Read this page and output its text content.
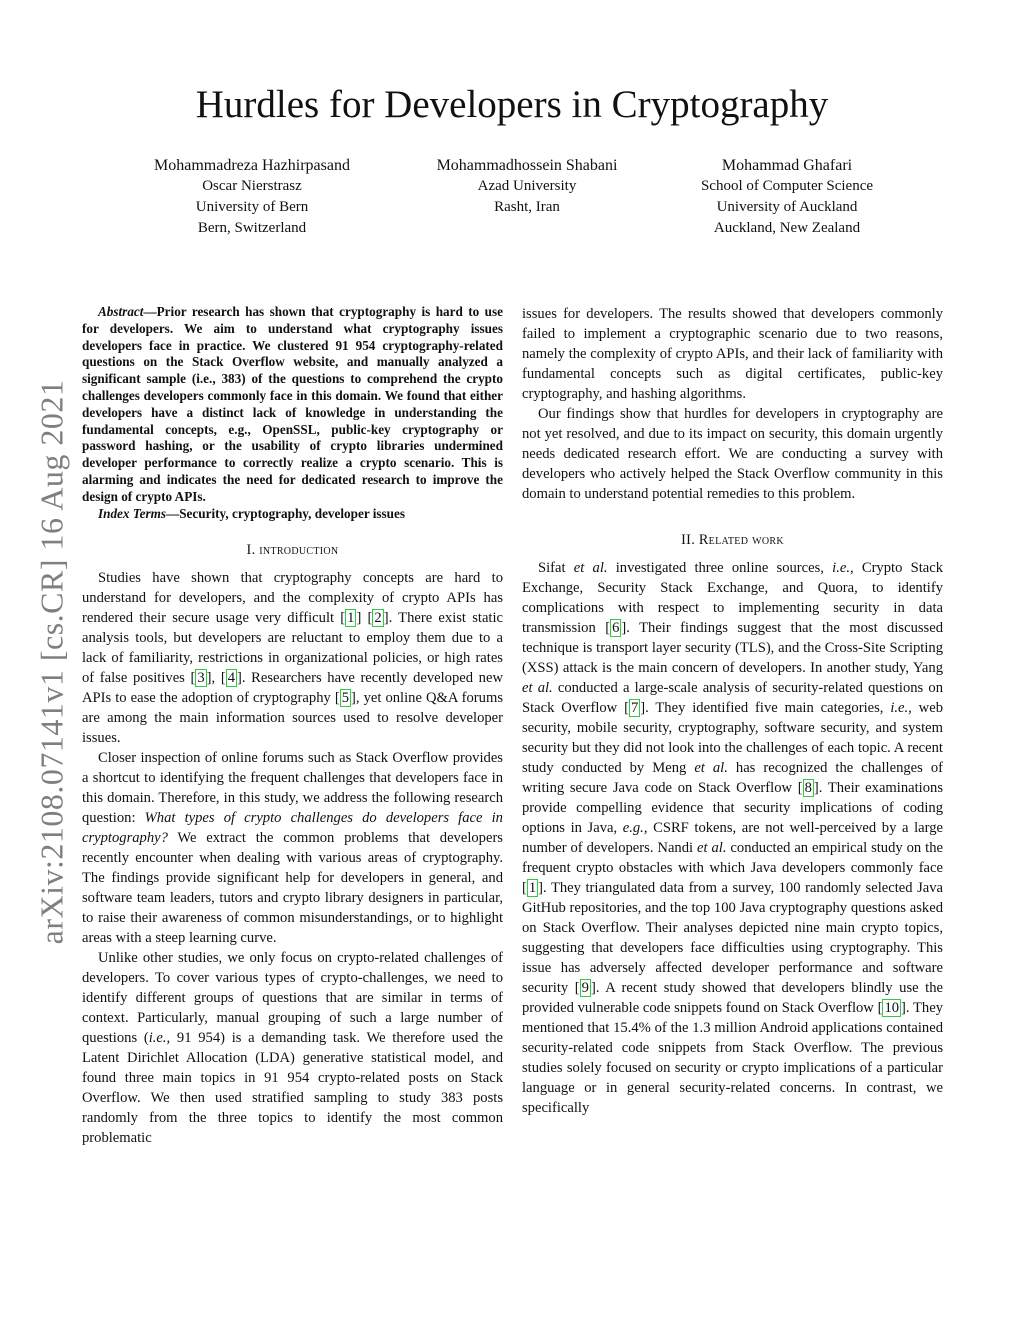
arXiv:2108.07141v1 [cs.CR] 16 Aug 2021
Hurdles for Developers in Cryptography
Mohammadreza Hazhirpasand
Oscar Nierstrasz
University of Bern
Bern, Switzerland
Mohammadhossein Shabani
Azad University
Rasht, Iran
Mohammad Ghafari
School of Computer Science
University of Auckland
Auckland, New Zealand

Abstract—Prior research has shown that cryptography is hard to use for developers. We aim to understand what cryptography issues developers face in practice. We clustered 91 954 cryptography-related questions on the Stack Overflow website, and manually analyzed a significant sample (i.e., 383) of the questions to comprehend the crypto challenges developers commonly face in this domain. We found that either developers have a distinct lack of knowledge in understanding the fundamental concepts, e.g., OpenSSL, public-key cryptography or password hashing, or the usability of crypto libraries undermined developer performance to correctly realize a crypto scenario. This is alarming and indicates the need for dedicated research to improve the design of crypto APIs.

Index Terms—Security, cryptography, developer issues

I. introduction

Studies have shown that cryptography concepts are hard to understand for developers, and the complexity of crypto APIs has rendered their secure usage very difficult [ 1 ] [ 2 ]. There exist static analysis tools, but developers are reluctant to employ them due to a lack of familiarity, restrictions in organizational policies, or high rates of false positives [ 3 ], [ 4 ]. Researchers have recently developed new APIs to ease the adoption of cryptography [ 5 ], yet online Q&A forums are among the main information sources used to resolve developer issues.

Closer inspection of online forums such as Stack Overflow provides a shortcut to identifying the frequent challenges that developers face in this domain. Therefore, in this study, we address the following research question: What types of crypto challenges do developers face in cryptography? We extract the common problems that developers recently encounter when dealing with various areas of cryptography. The findings provide significant help for developers in general, and software team leaders, tutors and crypto library designers in particular, to raise their awareness of common misunderstandings, or to highlight areas with a steep learning curve.

Unlike other studies, we only focus on crypto-related challenges of developers. To cover various types of crypto-challenges, we need to identify different groups of questions that are similar in terms of context. Particularly, manual grouping of such a large number of questions (i.e., 91 954) is a demanding task. We therefore used the Latent Dirichlet Allocation (LDA) generative statistical model, and found three main topics in 91 954 crypto-related posts on Stack Overflow. We then used stratified sampling to study 383 posts randomly from the three topics to identify the most common problematic

issues for developers. The results showed that developers commonly failed to implement a cryptographic scenario due to two reasons, namely the complexity of crypto APIs, and their lack of familiarity with fundamental concepts such as digital certificates, public-key cryptography, and hashing algorithms.

Our findings show that hurdles for developers in cryptography are not yet resolved, and due to its impact on security, this domain urgently needs dedicated research effort. We are conducting a survey with developers who actively helped the Stack Overflow community in this domain to understand potential remedies to this problem.

II. Related work

Sifat et al. investigated three online sources, i.e., Crypto Stack Exchange, Security Stack Exchange, and Quora, to identify complications with respect to implementing security in data transmission [ 6 ]. Their findings suggest that the most discussed technique is transport layer security (TLS), and the Cross-Site Scripting (XSS) attack is the main concern of developers. In another study, Yang et al. conducted a large-scale analysis of security-related questions on Stack Overflow [ 7 ]. They identified five main categories, i.e., web security, mobile security, cryptography, software security, and system security but they did not look into the challenges of each topic. A recent study conducted by Meng et al. has recognized the challenges of writing secure Java code on Stack Overflow [ 8 ]. Their examinations provide compelling evidence that security implications of coding options in Java, e.g., CSRF tokens, are not well-perceived by a large number of developers. Nandi et al. conducted an empirical study on the frequent crypto obstacles with which Java developers commonly face [ 1 ]. They triangulated data from a survey, 100 randomly selected Java GitHub repositories, and the top 100 Java cryptography questions asked on Stack Overflow. Their analyses depicted nine main crypto topics, suggesting that developers face difficulties using cryptography. This issue has adversely affected developer performance and software security [ 9 ]. A recent study showed that developers blindly use the provided vulnerable code snippets found on Stack Overflow [ 10 ]. They mentioned that 15.4% of the 1.3 million Android applications contained security-related code snippets from Stack Overflow. The previous studies solely focused on security or crypto implications of a particular language or in general security-related concerns. In contrast, we specifically
